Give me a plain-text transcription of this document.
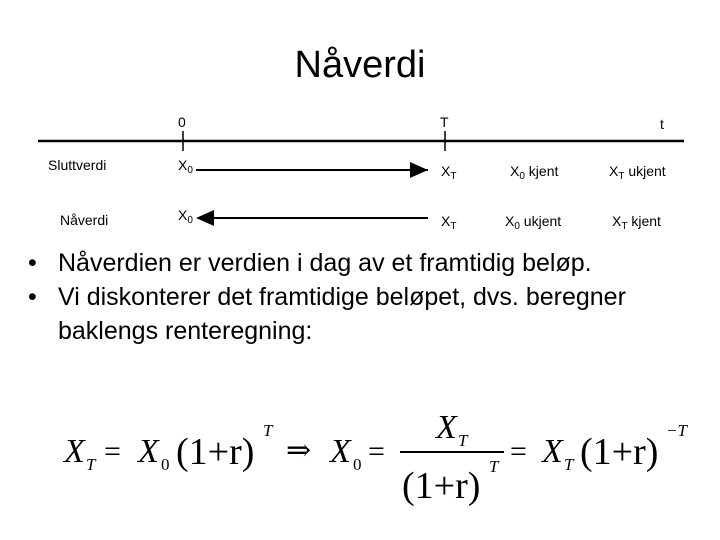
Nåverdi
0	T	t
Sluttverdi	$X_0$	$X_T$	$X_0$ kjent	$X_T$ ukjent
Nåverdi	$X_0$	$X_T$	$X_0$ ukjent	$X_T$ kjent
• Nåverdien er verdien i dag av et framtidig beløp.
• Vi diskonterer det framtidige beløpet, dvs. beregner baklengs renteregning:
X T = X 0 (1+r)
T
⇒ X 0 =
X T
(1+r) T = X T (1+r)
−T
